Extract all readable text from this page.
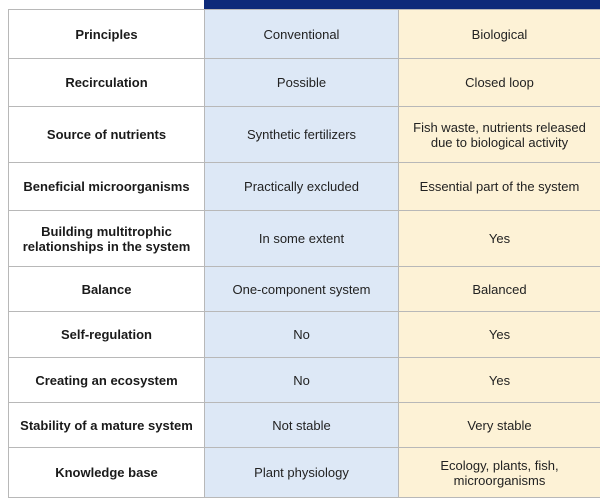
Principles	Conventional	Biological
Recirculation	Possible	Closed loop
Source of nutrients	Synthetic fertilizers	Fish waste, nutrients released due to biological activity
Beneficial microorganisms	Practically excluded	Essential part of the system
Building multitrophic relationships in the system	In some extent	Yes
Balance	One-component system	Balanced
Self-regulation	No	Yes
Creating an ecosystem	No	Yes
Stability of a mature system	Not stable	Very stable
Knowledge base	Plant physiology	Ecology, plants, fish, microorganisms
